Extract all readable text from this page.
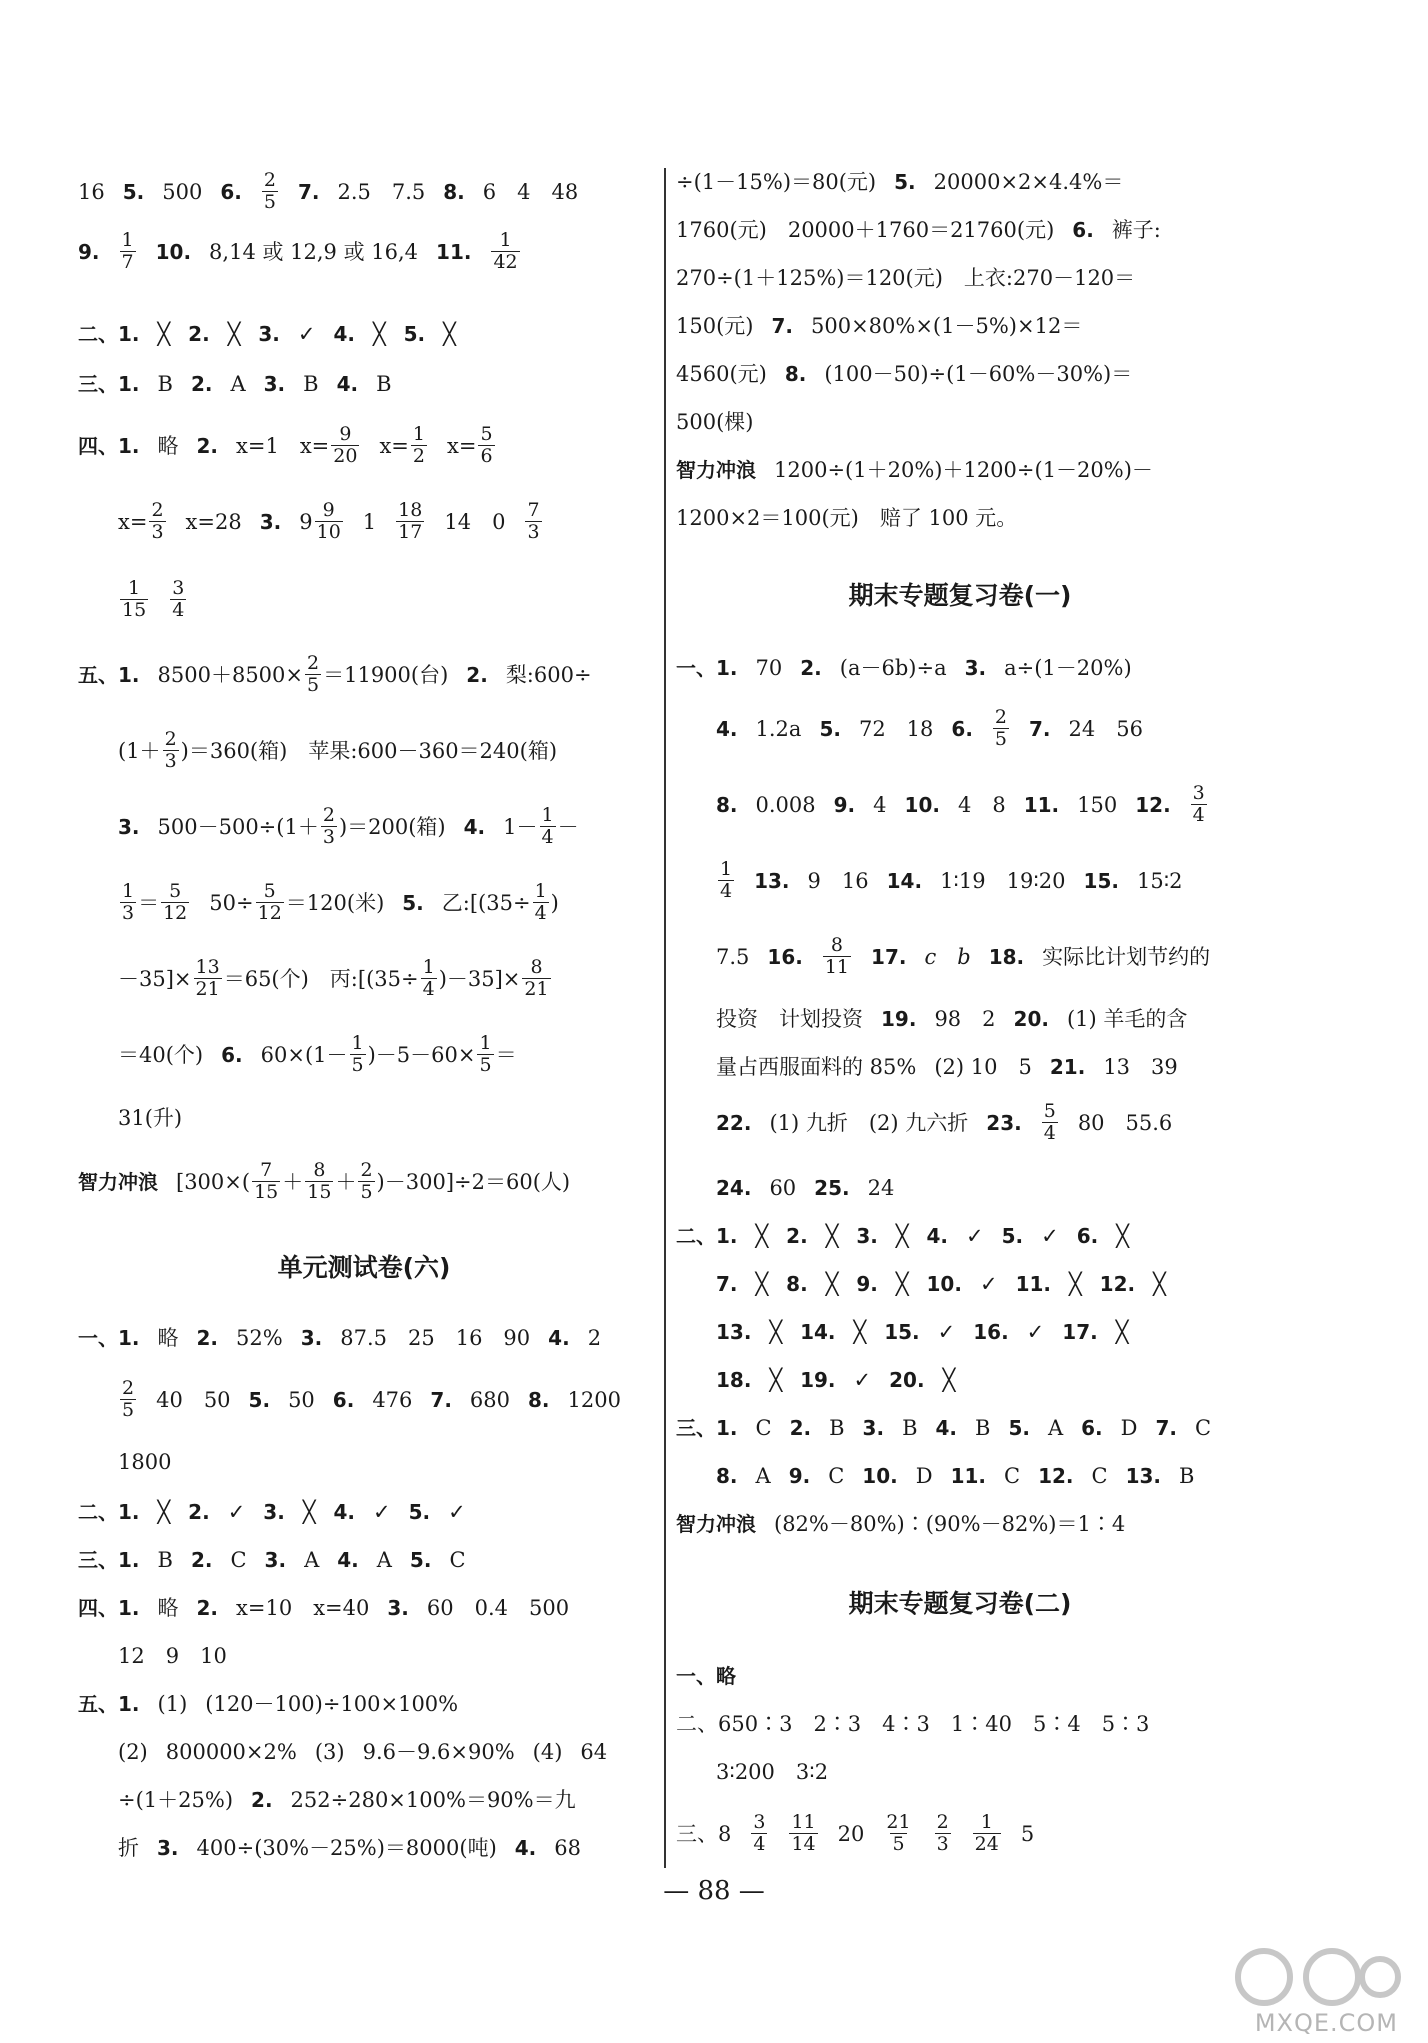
16 5. 500 6. $\frac{2}{5} 7$. 2.5　7.5 8. 6　4　48
9. $\frac{1}{7} 10$. 8,14 或 12,9 或 16,4 11. $\frac{1}{42}$
二、1. ╳ 2. ╳ 3. ✓ 4. ╳ 5. ╳
三、1. B 2. A 3. B 4. B
四、1. 略 2. x=1　$x= \frac{9}{20} x= \frac{1}{2} x= \frac{5}{6}$
$x= \frac{2}{3} x=28$ 3. $9 \frac{9}{10} 1 \frac{18}{17} 14$　$0 \frac{7}{3}$
$\frac{1}{15} \frac{3}{4}$
五、1. $8500+8500\times \frac{2}{5} =11900$(台) 2. 梨:600÷
$(1+ \frac{2}{3} )=360$(箱)　苹果:600－360＝240(箱)
3. $500-500\div(1+ \frac{2}{3} )=200$(箱) 4. $1- \frac{1}{4}$ －
$\frac{1}{3} = \frac{5}{12} 50\div \frac{5}{12} =120$(米) 5. 乙:[(35÷ $\frac{1}{4}$ )
$-35]\times \frac{13}{21} =65$(个)　丙:[(35÷ $\frac{1}{4} )-35]\times \frac{8}{21}$
＝40(个) 6. $60\times(1- \frac{1}{5} )-5-60\times \frac{1}{5}$ ＝
31(升)
智力冲浪 $[300\times( \frac{7}{15} + \frac{8}{15} + \frac{2}{5} )-300]\div 2=60$(人)
单元测试卷(六)
一、1. 略 2. 52% 3. 87.5　25　16　90 4. 2
$\frac{2}{5} 40$　50 5. 50 6. 476 7. 680 8. 1200
1800
二、1. ╳ 2. ✓ 3. ╳ 4. ✓ 5. ✓
三、1. B 2. C 3. A 4. A 5. C
四、1. 略 2. x=10　x=40 3. 60　0.4　500
12　9　10
五、1. (1) (120－100)÷100×100%
(2) 800000×2% (3) 9.6－9.6×90% (4) 64
÷(1＋25%) 2. 252÷280×100%＝90%＝九
折 3. 400÷(30%－25%)＝8000(吨) 4. 68
÷(1－15%)＝80(元) 5. 20000×2×4.4%＝
1760(元)　20000＋1760＝21760(元) 6. 裤子:
270÷(1＋125%)＝120(元)　上衣:270－120＝
150(元) 7. 500×80%×(1－5%)×12＝
4560(元) 8. (100－50)÷(1－60%－30%)＝
500(棵)
智力冲浪 1200÷(1＋20%)＋1200÷(1－20%)－
1200×2＝100(元)　赔了 100 元。
期末专题复习卷(一)
一、1. 70 2. (a－6b)÷a 3. a÷(1－20%)
4. 1.2a 5. 72　18 6. $\frac{2}{5} 7$. 24　56
8. 0.008 9. 4 10. 4　8 11. 150 12. $\frac{3}{4}$
$\frac{1}{4} 13$. 9　16 14. 1∶19　19∶20 15. 15∶2
7.5 16. $\frac{8}{11} 17$. c　b 18. 实际比计划节约的
投资　计划投资 19. 98　2 20. (1) 羊毛的含
量占西服面料的 85% (2) 10　5 21. 13　39
22. (1) 九折　(2) 九六折 23. $\frac{5}{4} 80$　55.6
24. 60 25. 24
二、1. ╳ 2. ╳ 3. ╳ 4. ✓ 5. ✓ 6. ╳
7. ╳ 8. ╳ 9. ╳ 10. ✓ 11. ╳ 12. ╳
13. ╳ 14. ╳ 15. ✓ 16. ✓ 17. ╳
18. ╳ 19. ✓ 20. ╳
三、1. C 2. B 3. B 4. B 5. A 6. D 7. C
8. A 9. C 10. D 11. C 12. C 13. B
智力冲浪 (82%－80%)∶(90%－82%)＝1∶4
期末专题复习卷(二)
一、略
二、650∶3　2∶3　4∶3　1∶40　5∶4　5∶3
3∶200　3∶2
三、$8 \frac{3}{4} \frac{11}{14} 20 \frac{21}{5} \frac{2}{3} \frac{1}{24} 5$
— 88 —
MXQE.COM
